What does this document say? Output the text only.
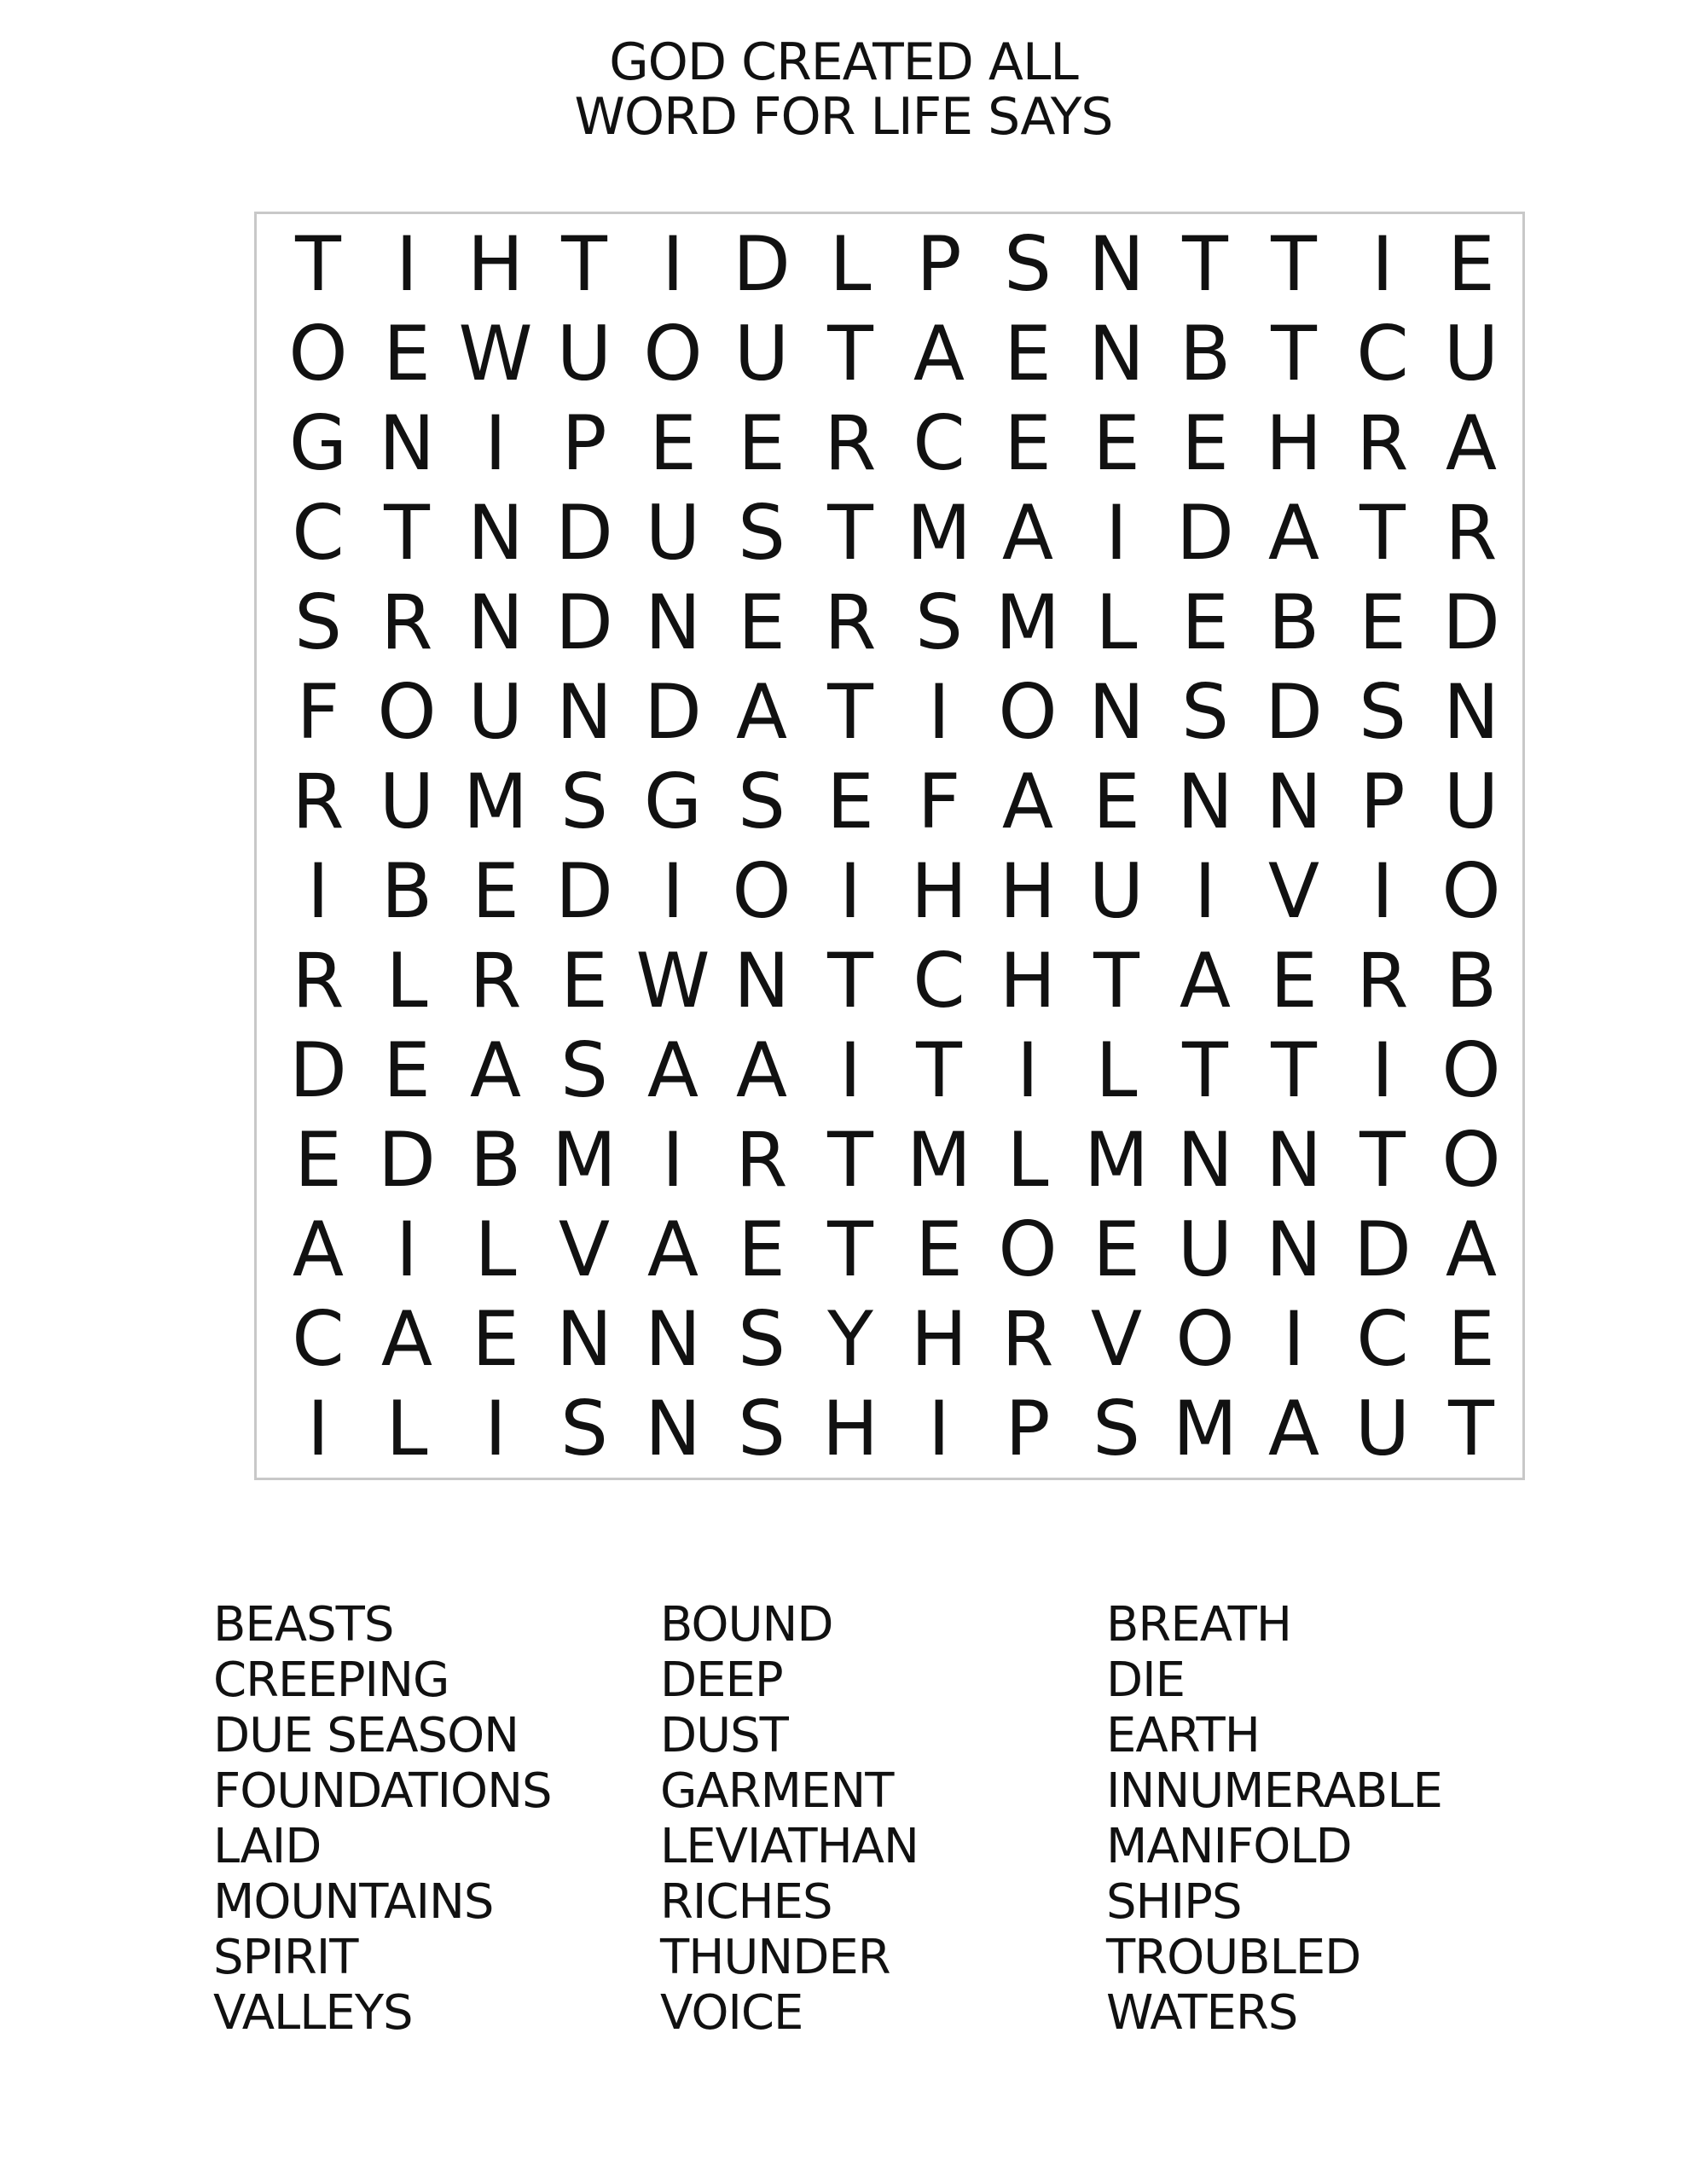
GOD CREATED ALL
WORD FOR LIFE SAYS
T I H T I D L P S N T T I E
O E W U O U T A E N B T C U
G N I P E E R C E E E H R A
C T N D U S T M A I D A T R
S R N D N E R S M L E B E D
F O U N D A T I O N S D S N
R U M S G S E F A E N N P U
I B E D I O I H H U I V I O
R L R E W N T C H T A E R B
D E A S A A I T I L T T I O
E D B M I R T M L M N N T O
A I L V A E T E O E U N D A
C A E N N S Y H R V O I C E
I L I S N S H I P S M A U T
BEASTS
CREEPING
DUE SEASON
FOUNDATIONS
LAID
MOUNTAINS
SPIRIT
VALLEYS
BOUND
DEEP
DUST
GARMENT
LEVIATHAN
RICHES
THUNDER
VOICE
BREATH
DIE
EARTH
INNUMERABLE
MANIFOLD
SHIPS
TROUBLED
WATERS
